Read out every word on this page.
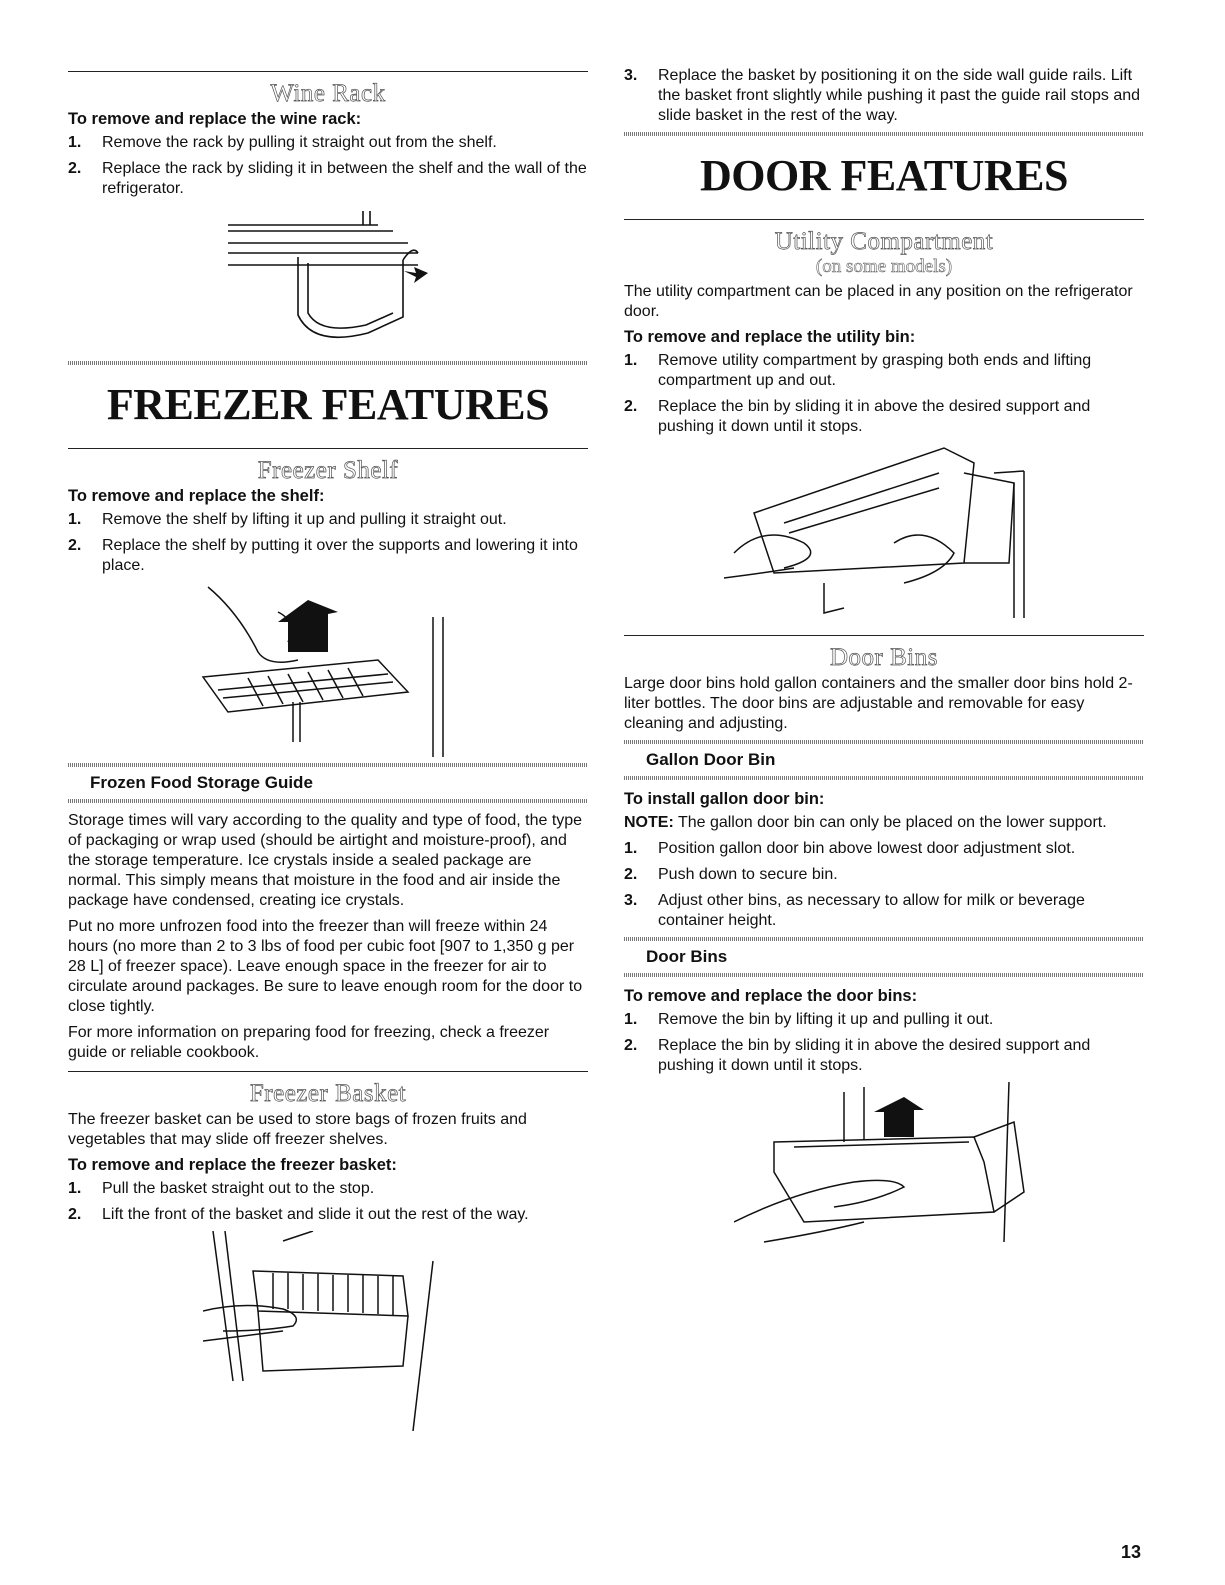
Wine Rack
To remove and replace the wine rack:
1. Remove the rack by pulling it straight out from the shelf.
2. Replace the rack by sliding it in between the shelf and the wall of the refrigerator.
FREEZER FEATURES
Freezer Shelf
To remove and replace the shelf:
1. Remove the shelf by lifting it up and pulling it straight out.
2. Replace the shelf by putting it over the supports and lowering it into place.
Frozen Food Storage Guide

Storage times will vary according to the quality and type of food, the type of packaging or wrap used (should be airtight and moisture-proof), and the storage temperature. Ice crystals inside a sealed package are normal. This simply means that moisture in the food and air inside the package have condensed, creating ice crystals.

Put no more unfrozen food into the freezer than will freeze within 24 hours (no more than 2 to 3 lbs of food per cubic foot [907 to 1,350 g per 28 L] of freezer space). Leave enough space in the freezer for air to circulate around packages. Be sure to leave enough room for the door to close tightly.

For more information on preparing food for freezing, check a freezer guide or reliable cookbook.

Freezer Basket

The freezer basket can be used to store bags of frozen fruits and vegetables that may slide off freezer shelves.

To remove and replace the freezer basket:
1. Pull the basket straight out to the stop.
2. Lift the front of the basket and slide it out the rest of the way.
3. Replace the basket by positioning it on the side wall guide rails. Lift the basket front slightly while pushing it past the guide rail stops and slide basket in the rest of the way.
DOOR FEATURES
Utility Compartment
(on some models)

The utility compartment can be placed in any position on the refrigerator door.

To remove and replace the utility bin:
1. Remove utility compartment by grasping both ends and lifting compartment up and out.
2. Replace the bin by sliding it in above the desired support and pushing it down until it stops.
Door Bins

Large door bins hold gallon containers and the smaller door bins hold 2-liter bottles. The door bins are adjustable and removable for easy cleaning and adjusting.

Gallon Door Bin
To install gallon door bin:

NOTE: The gallon door bin can only be placed on the lower support.

1. Position gallon door bin above lowest door adjustment slot.
2. Push down to secure bin.
3. Adjust other bins, as necessary to allow for milk or beverage container height.
Door Bins
To remove and replace the door bins:
1. Remove the bin by lifting it up and pulling it out.
2. Replace the bin by sliding it in above the desired support and pushing it down until it stops.
13
